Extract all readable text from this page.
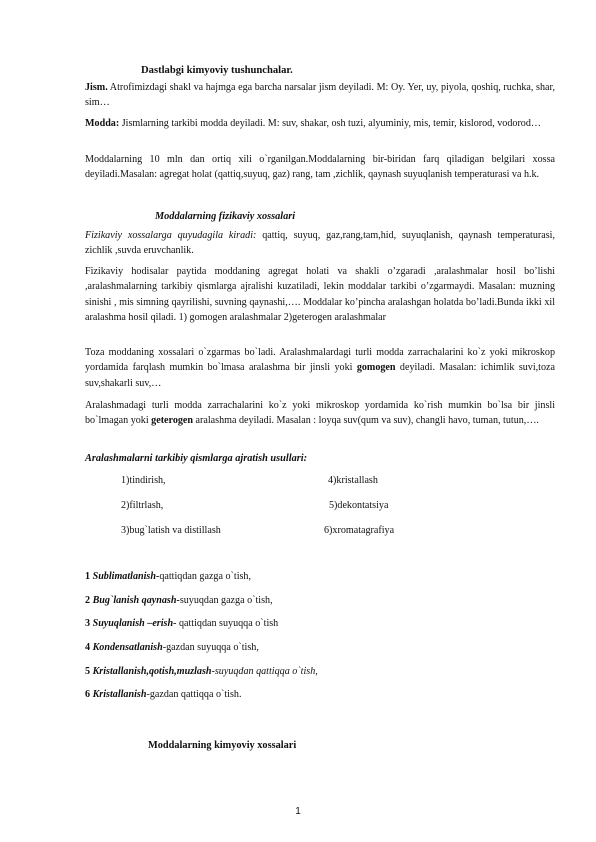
Dastlabgi kimyoviy tushunchalar.
Jism. Atrofimizdagi shakl va hajmga ega barcha narsalar jism deyiladi. M: Oy. Yer, uy, piyola, qoshiq, ruchka, shar, sim…
Modda: Jismlarning tarkibi modda deyiladi. M: suv, shakar, osh tuzi, alyuminiy, mis, temir, kislorod, vodorod…
Moddalarning 10 mln dan ortiq xili o`rganilgan.Moddalarning bir-biridan farq qiladigan belgilari xossa deyiladi.Masalan: agregat holat (qattiq,suyuq, gaz) rang, tam ,zichlik, qaynash suyuqlanish temperaturasi va h.k.
Moddalarning fizikaviy xossalari
Fizikaviy xossalarga quyudagila kiradi: qattiq, suyuq, gaz,rang,tam,hid, suyuqlanish, qaynash temperaturasi, zichlik ,suvda eruvchanlik.
Fizikaviy hodisalar paytida moddaning agregat holati va shakli o’zgaradi ,aralashmalar hosil bo’lishi ,aralashmalarning tarkibiy qismlarga ajralishi kuzatiladi, lekin moddalar tarkibi o’zgarmaydi. Masalan: muzning sinishi , mis simning qayrilishi, suvning qaynashi,…. Moddalar ko’pincha aralashgan holatda bo’ladi.Bunda ikki xil aralashma hosil qiladi. 1) gomogen aralashmalar 2)geterogen aralashmalar
Toza moddaning xossalari o`zgarmas bo`ladi. Aralashmalardagi turli modda zarrachalarini ko`z yoki mikroskop yordamida farqlash mumkin bo`lmasa aralashma bir jinsli yoki gomogen deyiladi. Masalan: ichimlik suvi,toza suv,shakarli suv,…
Aralashmadagi turli modda zarrachalarini ko`z yoki mikroskop yordamida ko`rish mumkin bo`lsa bir jinsli bo`lmagan yoki geterogen aralashma deyiladi. Masalan : loyqa suv(qum va suv), changli havo, tuman, tutun,….
Aralashmalarni tarkibiy qismlarga ajratish usullari:
1)tindirish,	4)kristallash
2)filtrlash,	5)dekontatsiya
3)bug`latish va distillash	6)xromatagrafiya
1 Sublimatlanish-qattiqdan gazga o`tish,
2 Bug`lanish qaynash-suyuqdan gazga o`tish,
3 Suyuqlanish –erish- qattiqdan suyuqqa o`tish
4 Kondensatlanish-gazdan suyuqqa o`tish,
5 Kristallanish,qotish,muzlash-suyuqdan qattiqqa o`tish,
6 Kristallanish-gazdan qattiqqa o`tish.
Moddalarning kimyoviy xossalari
1
